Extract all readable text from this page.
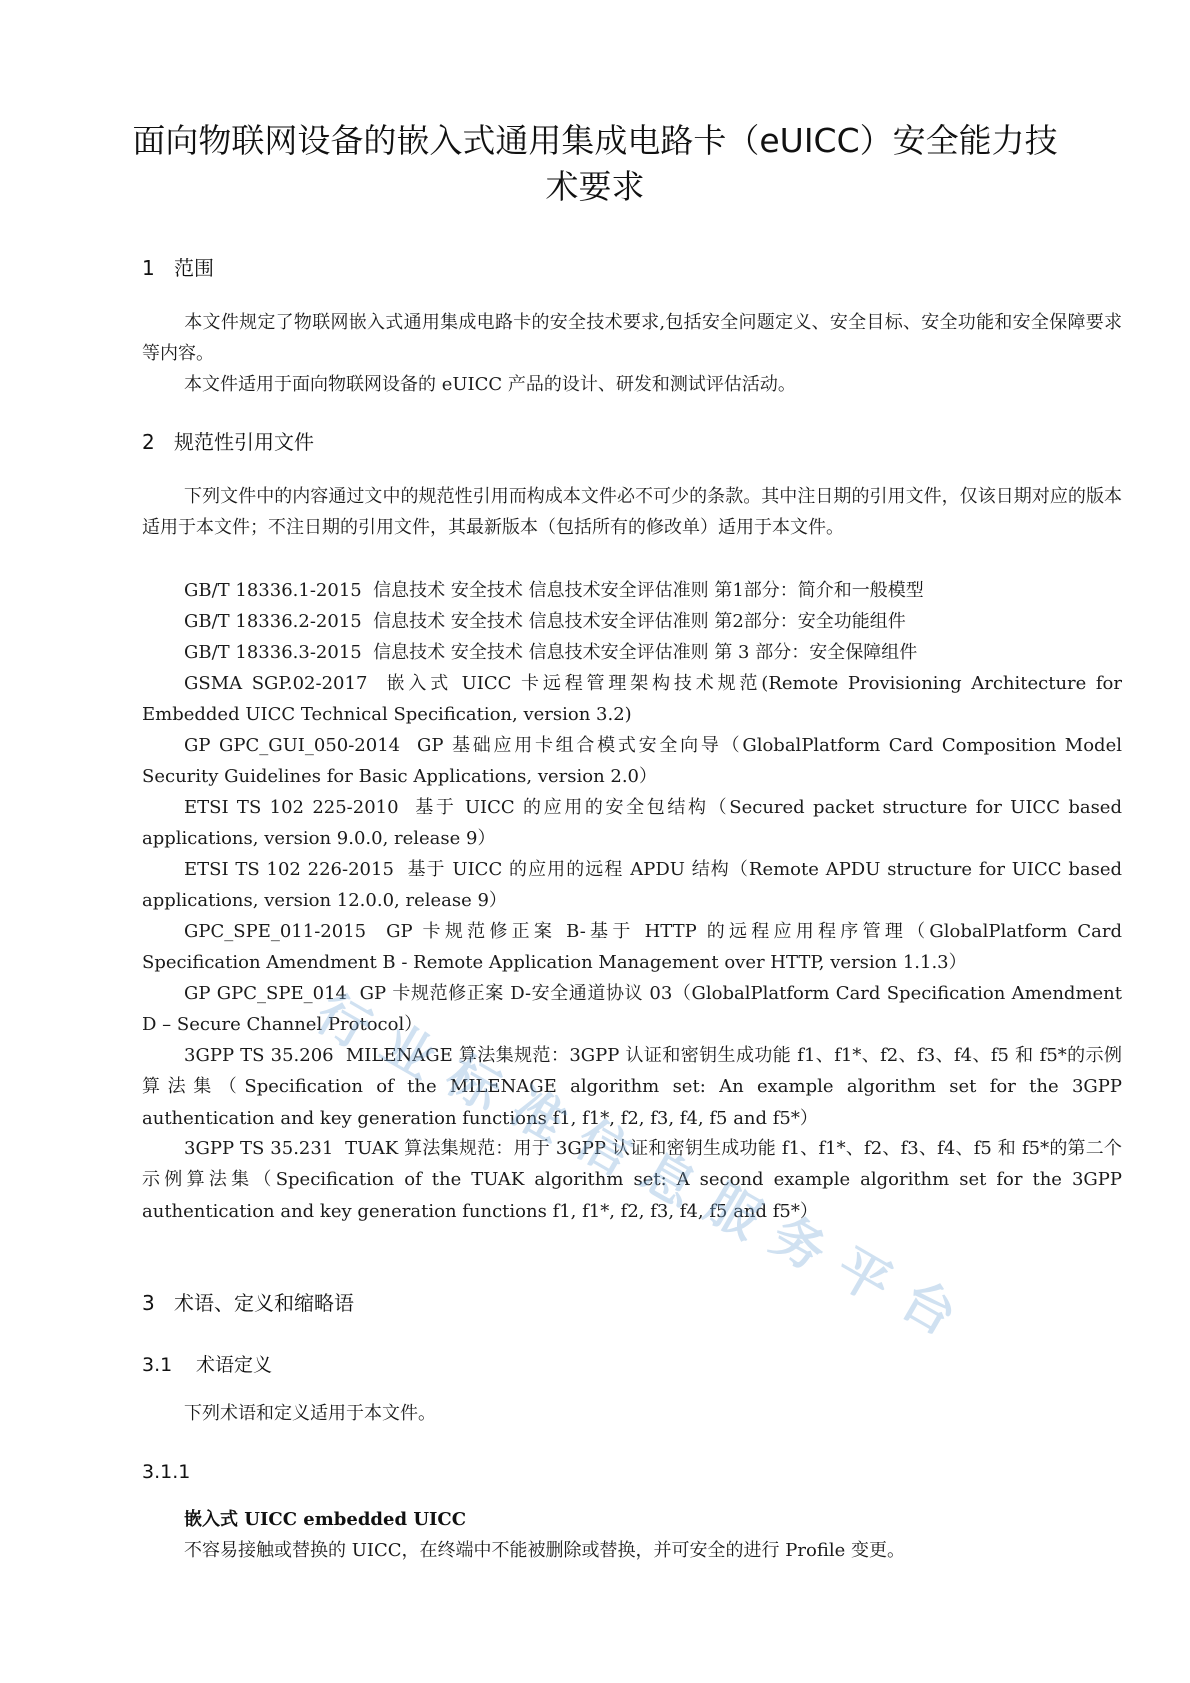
面向物联网设备的嵌入式通用集成电路卡（eUICC）安全能力技术要求
1 范围
本文件规定了物联网嵌入式通用集成电路卡的安全技术要求,包括安全问题定义、安全目标、安全功能和安全保障要求等内容。
本文件适用于面向物联网设备的 eUICC 产品的设计、研发和测试评估活动。
2 规范性引用文件
下列文件中的内容通过文中的规范性引用而构成本文件必不可少的条款。其中注日期的引用文件，仅该日期对应的版本适用于本文件；不注日期的引用文件，其最新版本（包括所有的修改单）适用于本文件。
GB/T 18336.1-2015  信息技术 安全技术 信息技术安全评估准则 第1部分：简介和一般模型
GB/T 18336.2-2015  信息技术 安全技术 信息技术安全评估准则 第2部分：安全功能组件
GB/T 18336.3-2015  信息技术 安全技术 信息技术安全评估准则 第 3 部分：安全保障组件
GSMA SGP.02-2017  嵌入式 UICC 卡远程管理架构技术规范(Remote Provisioning Architecture for Embedded UICC Technical Specification, version 3.2)
GP GPC_GUI_050-2014  GP 基础应用卡组合模式安全向导（GlobalPlatform Card Composition Model Security Guidelines for Basic Applications, version 2.0）
ETSI TS 102 225-2010  基于 UICC 的应用的安全包结构（Secured packet structure for UICC based applications, version 9.0.0, release 9）
ETSI TS 102 226-2015  基于 UICC 的应用的远程 APDU 结构（Remote APDU structure for UICC based applications, version 12.0.0, release 9）
GPC_SPE_011-2015  GP 卡规范修正案 B-基于 HTTP 的远程应用程序管理（GlobalPlatform Card Specification Amendment B - Remote Application Management over HTTP, version 1.1.3）
GP GPC_SPE_014  GP 卡规范修正案 D-安全通道协议 03（GlobalPlatform Card Specification Amendment D – Secure Channel Protocol）
3GPP TS 35.206  MILENAGE 算法集规范：3GPP 认证和密钥生成功能 f1、f1*、f2、f3、f4、f5 和 f5*的示例算法集（Specification of the MILENAGE algorithm set: An example algorithm set for the 3GPP authentication and key generation functions f1, f1*, f2, f3, f4, f5 and f5*）
3GPP TS 35.231  TUAK 算法集规范：用于 3GPP 认证和密钥生成功能 f1、f1*、f2、f3、f4、f5 和 f5*的第二个示例算法集（Specification of the TUAK algorithm set: A second example algorithm set for the 3GPP authentication and key generation functions f1, f1*, f2, f3, f4, f5 and f5*）
3 术语、定义和缩略语
3.1 术语定义
下列术语和定义适用于本文件。
3.1.1
嵌入式 UICC embedded UICC
不容易接触或替换的 UICC，在终端中不能被删除或替换，并可安全的进行 Profile 变更。
行
业
标
准
信
息
服
务
平
台
